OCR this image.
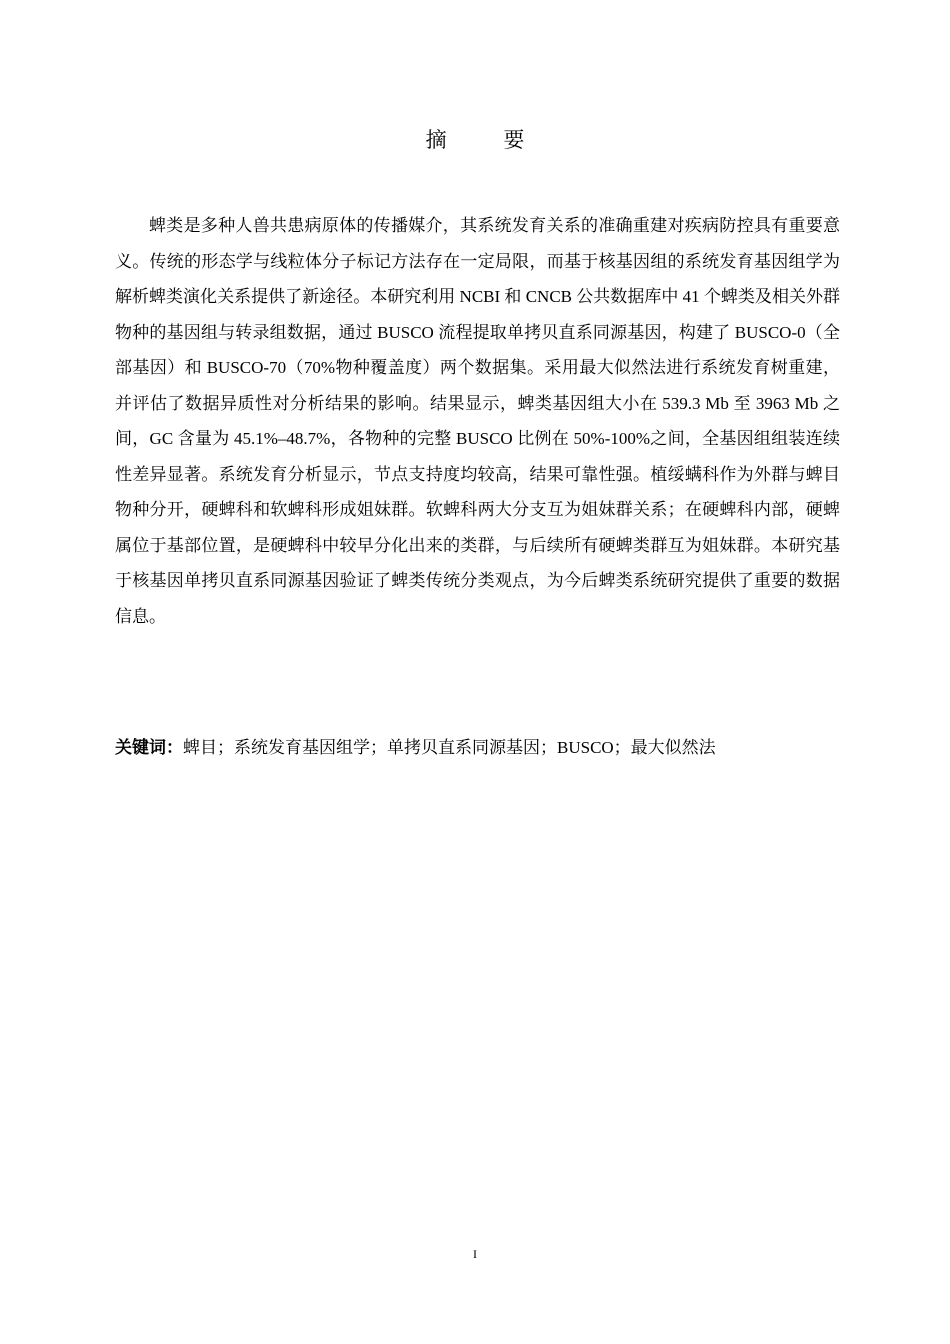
摘 要

蜱类是多种人兽共患病原体的传播媒介，其系统发育关系的准确重建对疾病防控具有重要意义。传统的形态学与线粒体分子标记方法存在一定局限，而基于核基因组的系统发育基因组学为解析蜱类演化关系提供了新途径。本研究利用 NCBI 和 CNCB 公共数据库中 41 个蜱类及相关外群物种的基因组与转录组数据，通过 BUSCO 流程提取单拷贝直系同源基因，构建了 BUSCO-0（全部基因）和 BUSCO-70（70%物种覆盖度）两个数据集。采用最大似然法进行系统发育树重建，并评估了数据异质性对分析结果的影响。结果显示，蜱类基因组大小在 539.3 Mb 至 3963 Mb 之间，GC 含量为 45.1%–48.7%，各物种的完整 BUSCO 比例在 50%-100%之间，全基因组组装连续性差异显著。系统发育分析显示，节点支持度均较高，结果可靠性强。植绥螨科作为外群与蜱目物种分开，硬蜱科和软蜱科形成姐妹群。软蜱科两大分支互为姐妹群关系；在硬蜱科内部，硬蜱属位于基部位置，是硬蜱科中较早分化出来的类群，与后续所有硬蜱类群互为姐妹群。本研究基于核基因单拷贝直系同源基因验证了蜱类传统分类观点，为今后蜱类系统研究提供了重要的数据信息。

关键词：蜱目；系统发育基因组学；单拷贝直系同源基因；BUSCO；最大似然法

I
